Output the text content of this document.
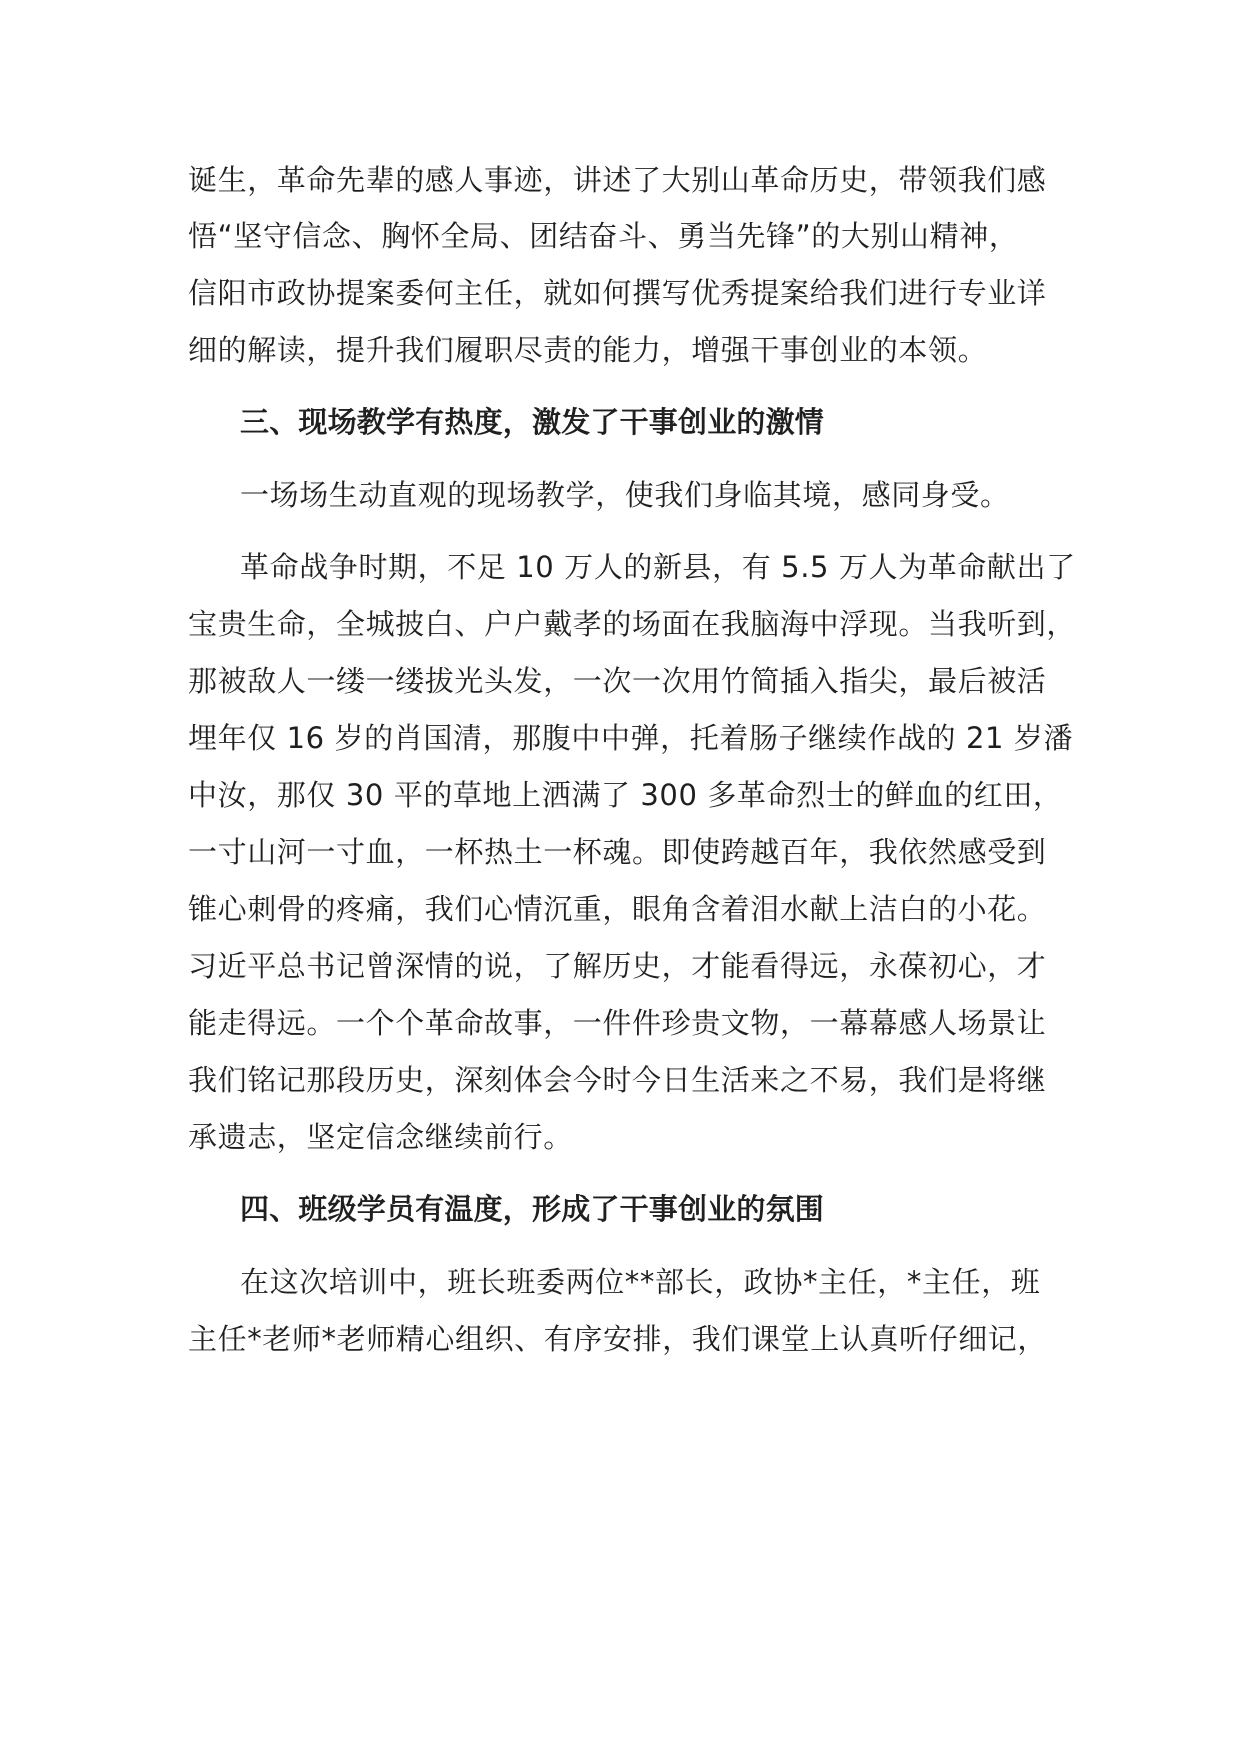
诞生，革命先辈的感人事迹，讲述了大别山革命历史，带领我们感

悟“坚守信念、胸怀全局、团结奋斗、勇当先锋”的大别山精神，

信阳市政协提案委何主任，就如何撰写优秀提案给我们进行专业详

细的解读，提升我们履职尽责的能力，增强干事创业的本领。

三、现场教学有热度，激发了干事创业的激情

一场场生动直观的现场教学，使我们身临其境，感同身受。

革命战争时期，不足 10 万人的新县，有 5.5 万人为革命献出了

宝贵生命，全城披白、户户戴孝的场面在我脑海中浮现。当我听到，

那被敌人一缕一缕拔光头发，一次一次用竹简插入指尖，最后被活

埋年仅 16 岁的肖国清，那腹中中弹，托着肠子继续作战的 21 岁潘

中汝，那仅 30 平的草地上洒满了 300 多革命烈士的鲜血的红田，

一寸山河一寸血，一杯热土一杯魂。即使跨越百年，我依然感受到

锥心刺骨的疼痛，我们心情沉重，眼角含着泪水献上洁白的小花。

习近平总书记曾深情的说，了解历史，才能看得远，永葆初心，才

能走得远。一个个革命故事，一件件珍贵文物，一幕幕感人场景让

我们铭记那段历史，深刻体会今时今日生活来之不易，我们是将继

承遗志，坚定信念继续前行。

四、班级学员有温度，形成了干事创业的氛围

在这次培训中，班长班委两位**部长，政协*主任，*主任，班

主任*老师*老师精心组织、有序安排，我们课堂上认真听仔细记，
